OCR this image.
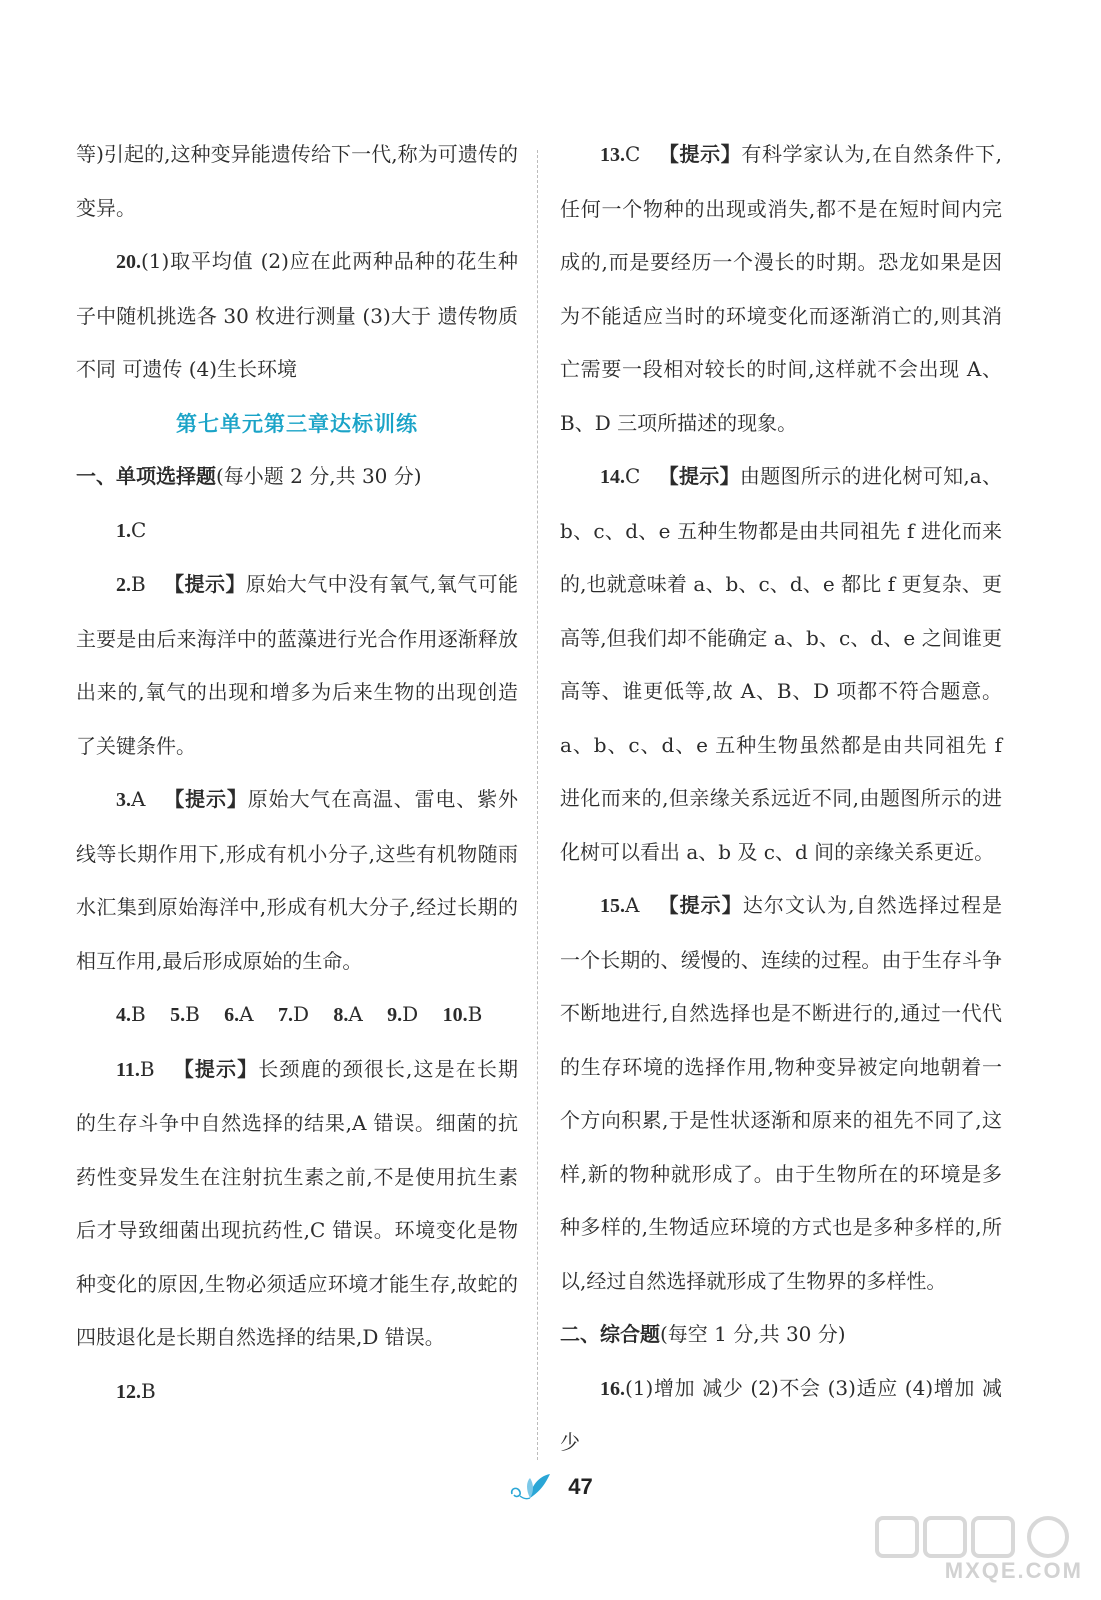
等)引起的,这种变异能遗传给下一代,称为可遗传的变异。

20.(1)取平均值 (2)应在此两种品种的花生种子中随机挑选各 30 枚进行测量 (3)大于 遗传物质不同 可遗传 (4)生长环境

第七单元第三章达标训练

一、单项选择题(每小题 2 分,共 30 分)

1.C

2.B 【提示】原始大气中没有氧气,氧气可能主要是由后来海洋中的蓝藻进行光合作用逐渐释放出来的,氧气的出现和增多为后来生物的出现创造了关键条件。

3.A 【提示】原始大气在高温、雷电、紫外线等长期作用下,形成有机小分子,这些有机物随雨水汇集到原始海洋中,形成有机大分子,经过长期的相互作用,最后形成原始的生命。

4.B 5.B 6.A 7.D 8.A 9.D 10.B

11.B 【提示】长颈鹿的颈很长,这是在长期的生存斗争中自然选择的结果,A 错误。细菌的抗药性变异发生在注射抗生素之前,不是使用抗生素后才导致细菌出现抗药性,C 错误。环境变化是物种变化的原因,生物必须适应环境才能生存,故蛇的四肢退化是长期自然选择的结果,D 错误。

12.B

13.C 【提示】有科学家认为,在自然条件下,任何一个物种的出现或消失,都不是在短时间内完成的,而是要经历一个漫长的时期。恐龙如果是因为不能适应当时的环境变化而逐渐消亡的,则其消亡需要一段相对较长的时间,这样就不会出现 A、B、D 三项所描述的现象。

14.C 【提示】由题图所示的进化树可知,a、b、c、d、e 五种生物都是由共同祖先 f 进化而来的,也就意味着 a、b、c、d、e 都比 f 更复杂、更高等,但我们却不能确定 a、b、c、d、e 之间谁更高等、谁更低等,故 A、B、D 项都不符合题意。a、b、c、d、e 五种生物虽然都是由共同祖先 f 进化而来的,但亲缘关系远近不同,由题图所示的进化树可以看出 a、b 及 c、d 间的亲缘关系更近。

15.A 【提示】达尔文认为,自然选择过程是一个长期的、缓慢的、连续的过程。由于生存斗争不断地进行,自然选择也是不断进行的,通过一代代的生存环境的选择作用,物种变异被定向地朝着一个方向积累,于是性状逐渐和原来的祖先不同了,这样,新的物种就形成了。由于生物所在的环境是多种多样的,生物适应环境的方式也是多种多样的,所以,经过自然选择就形成了生物界的多样性。

二、综合题(每空 1 分,共 30 分)

16.(1)增加 减少 (2)不会 (3)适应 (4)增加 减少

47
MXQE.COM
